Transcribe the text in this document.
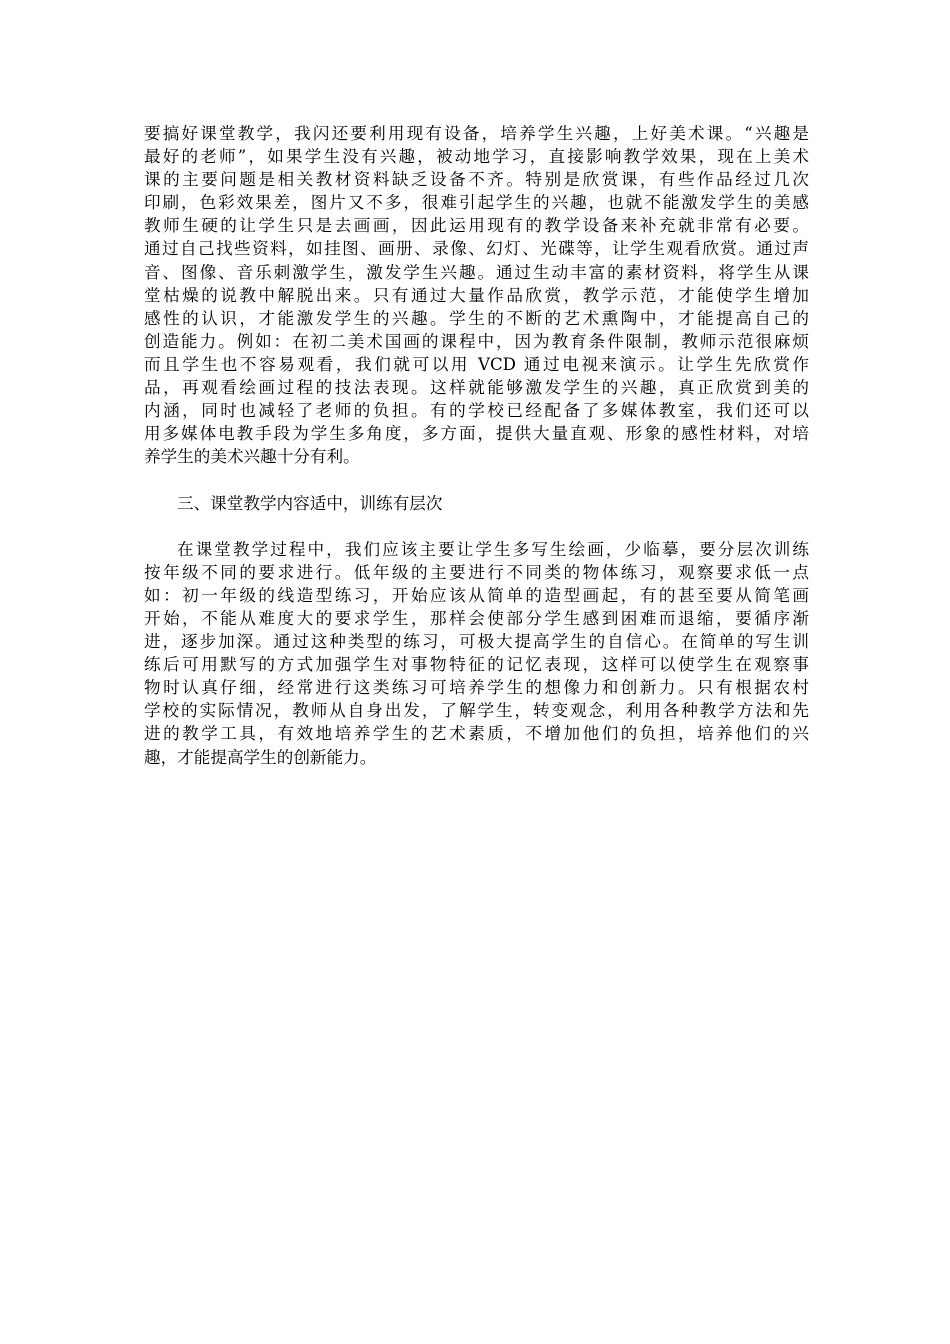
要搞好课堂教学，我闪还要利用现有设备，培养学生兴趣，上好美术课。“兴趣是
最好的老师”，如果学生没有兴趣，被动地学习，直接影响教学效果，现在上美术
课的主要问题是相关教材资料缺乏设备不齐。特别是欣赏课，有些作品经过几次
印刷，色彩效果差，图片又不多，很难引起学生的兴趣，也就不能激发学生的美感
教师生硬的让学生只是去画画，因此运用现有的教学设备来补充就非常有必要。
通过自己找些资料，如挂图、画册、录像、幻灯、光碟等，让学生观看欣赏。通过声
音、图像、音乐刺激学生，激发学生兴趣。通过生动丰富的素材资料，将学生从课
堂枯燥的说教中解脱出来。只有通过大量作品欣赏，教学示范，才能使学生增加
感性的认识，才能激发学生的兴趣。学生的不断的艺术熏陶中，才能提高自己的
创造能力。例如：在初二美术国画的课程中，因为教育条件限制，教师示范很麻烦
而且学生也不容易观看，我们就可以用 VCD 通过电视来演示。让学生先欣赏作
品，再观看绘画过程的技法表现。这样就能够激发学生的兴趣，真正欣赏到美的
内涵，同时也减轻了老师的负担。有的学校已经配备了多媒体教室，我们还可以
用多媒体电教手段为学生多角度，多方面，提供大量直观、形象的感性材料，对培
养学生的美术兴趣十分有利。
三、课堂教学内容适中，训练有层次
在课堂教学过程中，我们应该主要让学生多写生绘画，少临摹，要分层次训练
按年级不同的要求进行。低年级的主要进行不同类的物体练习，观察要求低一点
如：初一年级的线造型练习，开始应该从简单的造型画起，有的甚至要从简笔画
开始，不能从难度大的要求学生，那样会使部分学生感到困难而退缩，要循序渐
进，逐步加深。通过这种类型的练习，可极大提高学生的自信心。在简单的写生训
练后可用默写的方式加强学生对事物特征的记忆表现，这样可以使学生在观察事
物时认真仔细，经常进行这类练习可培养学生的想像力和创新力。只有根据农村
学校的实际情况，教师从自身出发，了解学生，转变观念，利用各种教学方法和先
进的教学工具，有效地培养学生的艺术素质，不增加他们的负担，培养他们的兴
趣，才能提高学生的创新能力。
